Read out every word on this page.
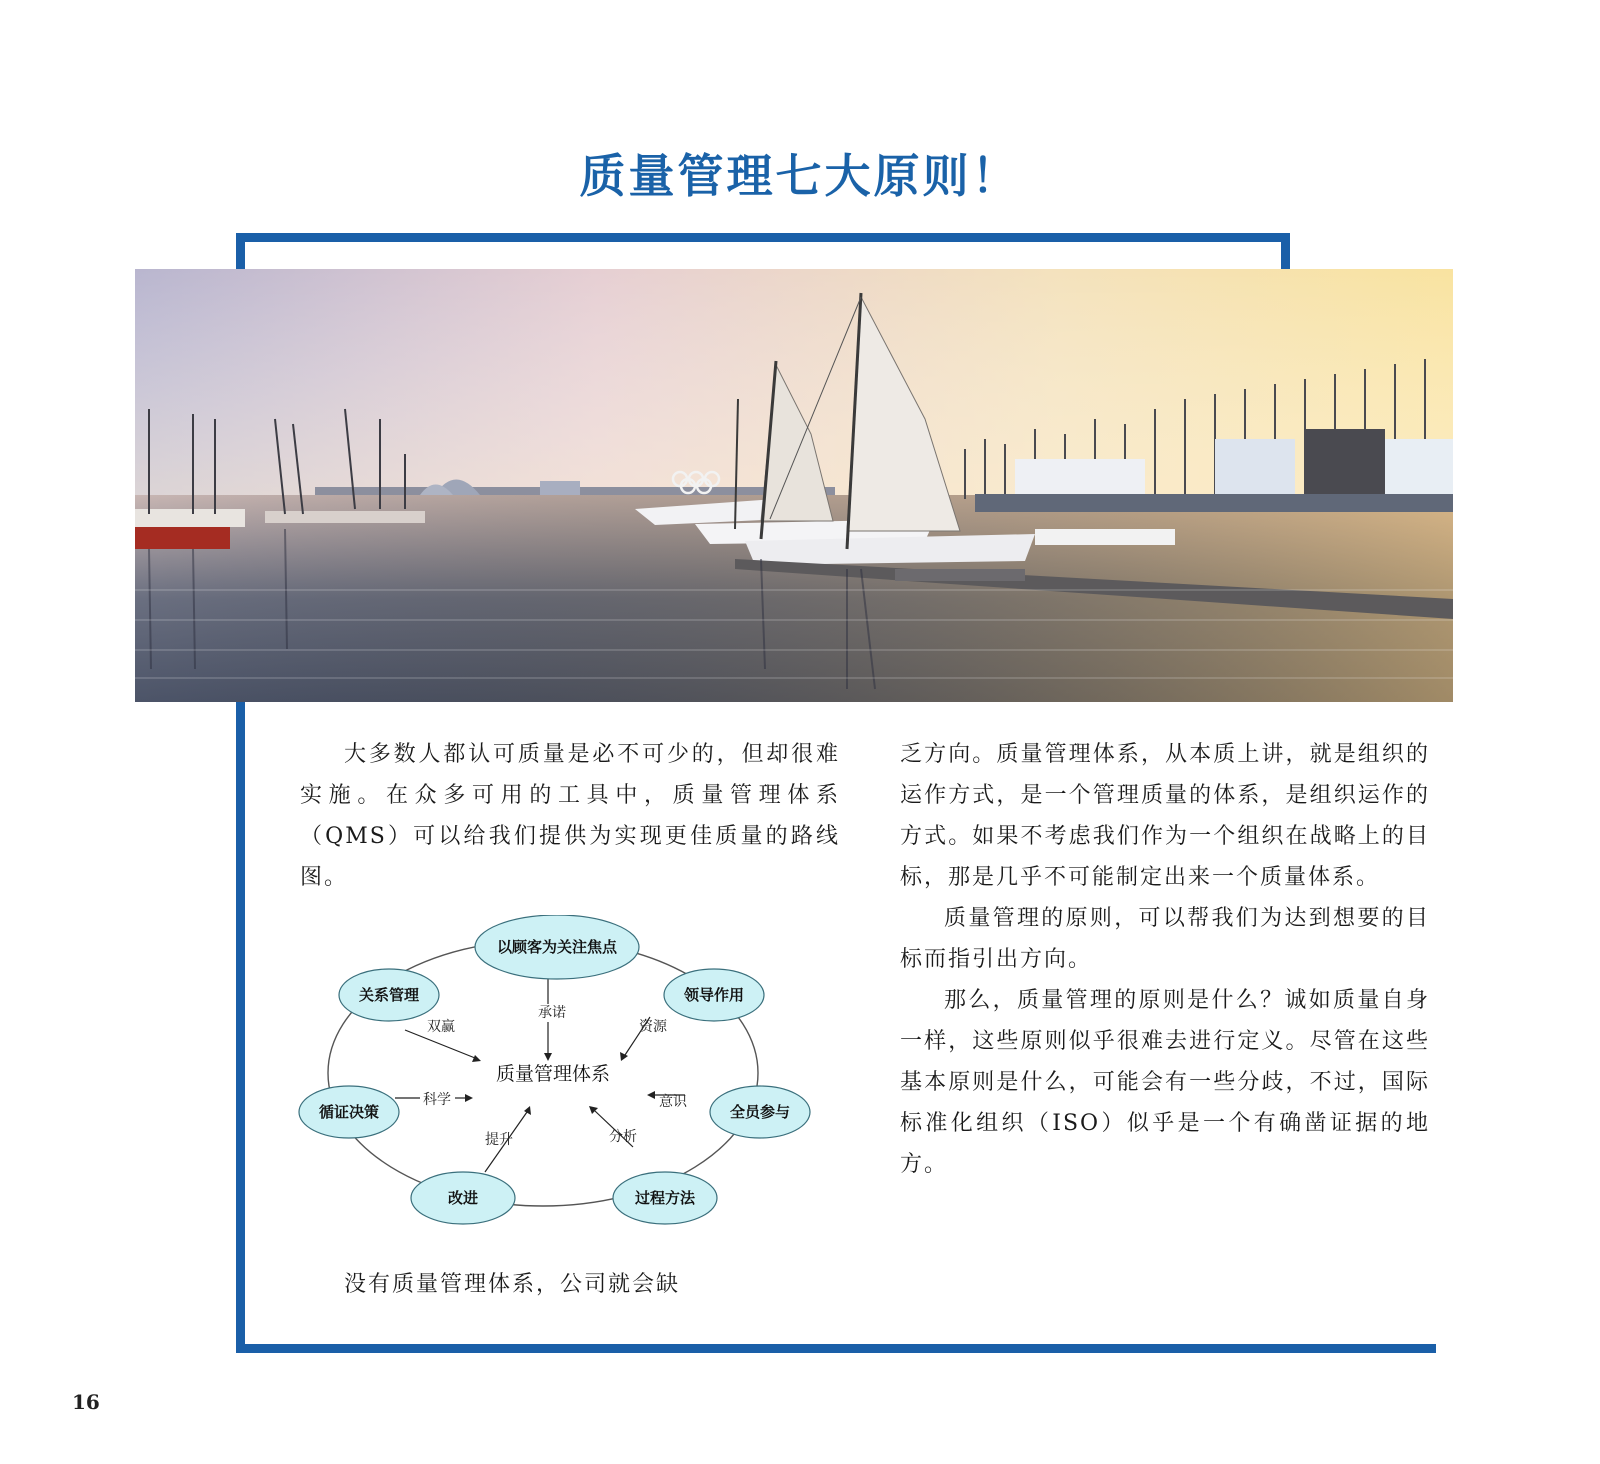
质量管理七大原则！

大多数人都认可质量是必不可少的，但却很难实施。在众多可用的工具中，质量管理体系（QMS）可以给我们提供为实现更佳质量的路线图。

以顾客为关注焦点
领导作用
全员参与
过程方法
改进
循证决策
关系管理
质量管理体系
承诺
资源
意识
分析
提升
科学
双赢
没有质量管理体系，公司就会缺

乏方向。质量管理体系，从本质上讲，就是组织的运作方式，是一个管理质量的体系，是组织运作的方式。如果不考虑我们作为一个组织在战略上的目标，那是几乎不可能制定出来一个质量体系。

质量管理的原则，可以帮我们为达到想要的目标而指引出方向。

那么，质量管理的原则是什么？诚如质量自身一样，这些原则似乎很难去进行定义。尽管在这些基本原则是什么，可能会有一些分歧，不过，国际标准化组织（ISO）似乎是一个有确凿证据的地方。

16
